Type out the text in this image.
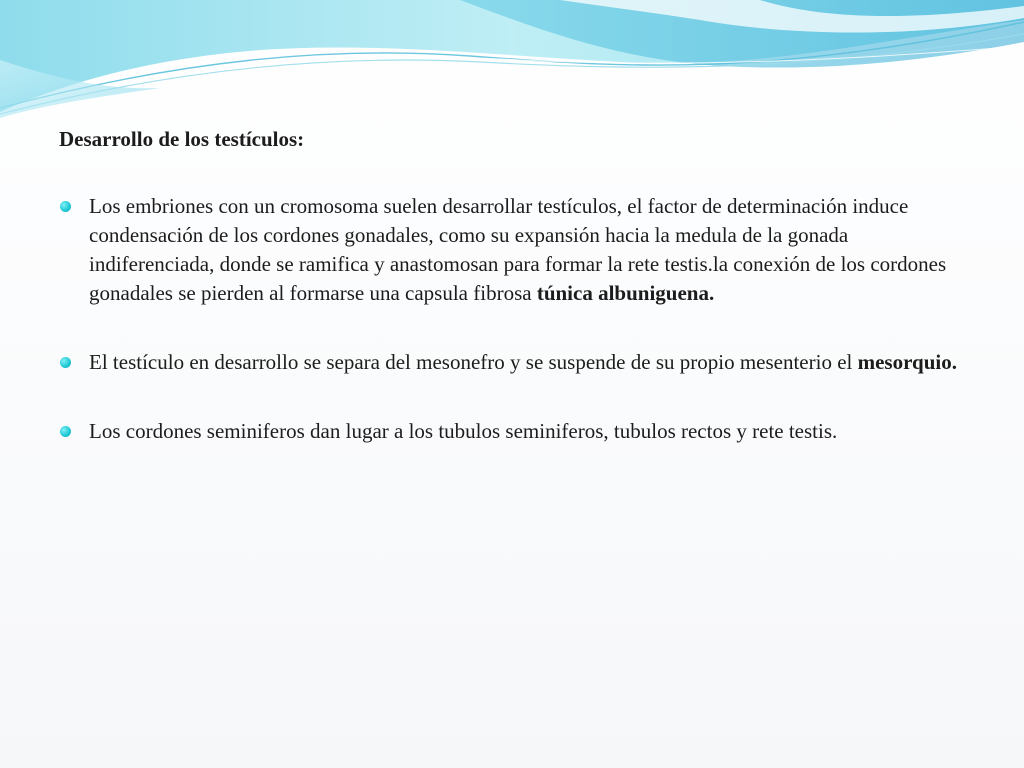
Desarrollo de los testículos:
Los embriones con un cromosoma suelen desarrollar testículos, el factor de determinación induce condensación de los cordones gonadales, como su expansión hacia la medula de la gonada indiferenciada, donde se ramifica y anastomosan para formar la rete testis.la conexión de los cordones gonadales se pierden al formarse una capsula fibrosa túnica albuniguena.
El testículo en desarrollo se separa del mesonefro y se suspende de su propio mesenterio el mesorquio.
Los cordones seminiferos dan lugar a los tubulos seminiferos, tubulos rectos y rete testis.
